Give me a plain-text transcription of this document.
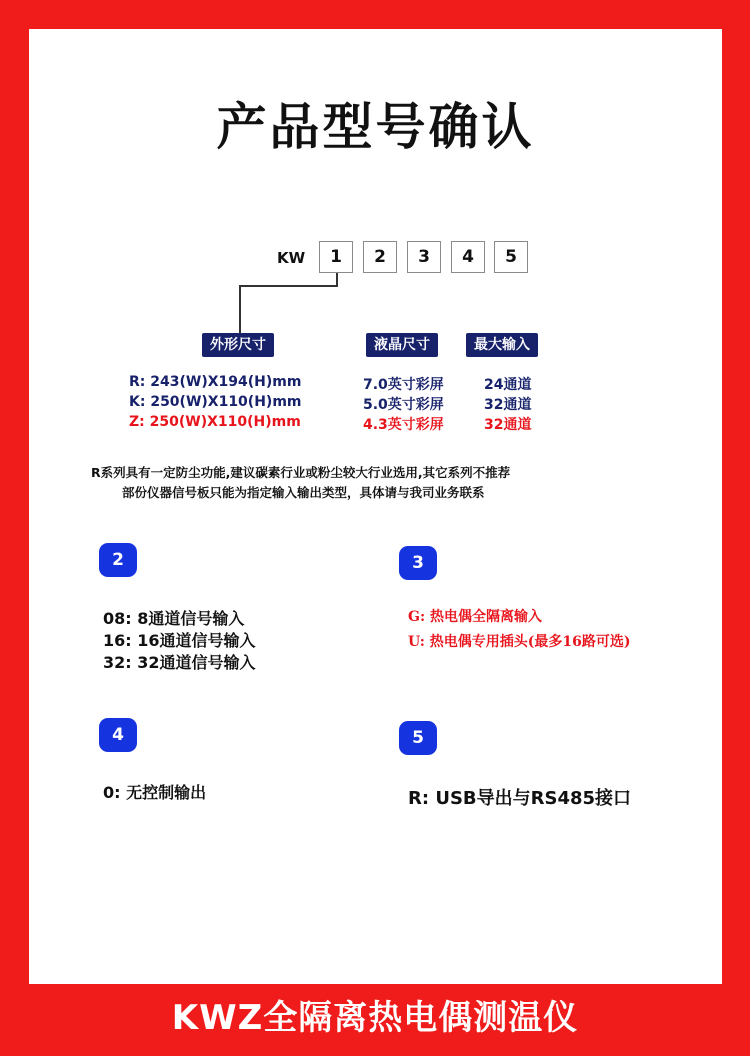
产品型号确认
KW	1	2	3	4	5
外形尺寸	液晶尺寸	最大输入
R: 243(W)X194(H)mm	7.0英寸彩屏	24通道
K: 250(W)X110(H)mm	5.0英寸彩屏	32通道
Z: 250(W)X110(H)mm	4.3英寸彩屏	32通道
R系列具有一定防尘功能,建议碳素行业或粉尘较大行业选用,其它系列不推荐
部份仪器信号板只能为指定输入输出类型，具体请与我司业务联系
2
08: 8通道信号输入
16: 16通道信号输入
32: 32通道信号输入
3
G: 热电偶全隔离输入
U: 热电偶专用插头(最多16路可选)
4
0: 无控制输出
5
R: USB导出与RS485接口
KWZ全隔离热电偶测温仪
